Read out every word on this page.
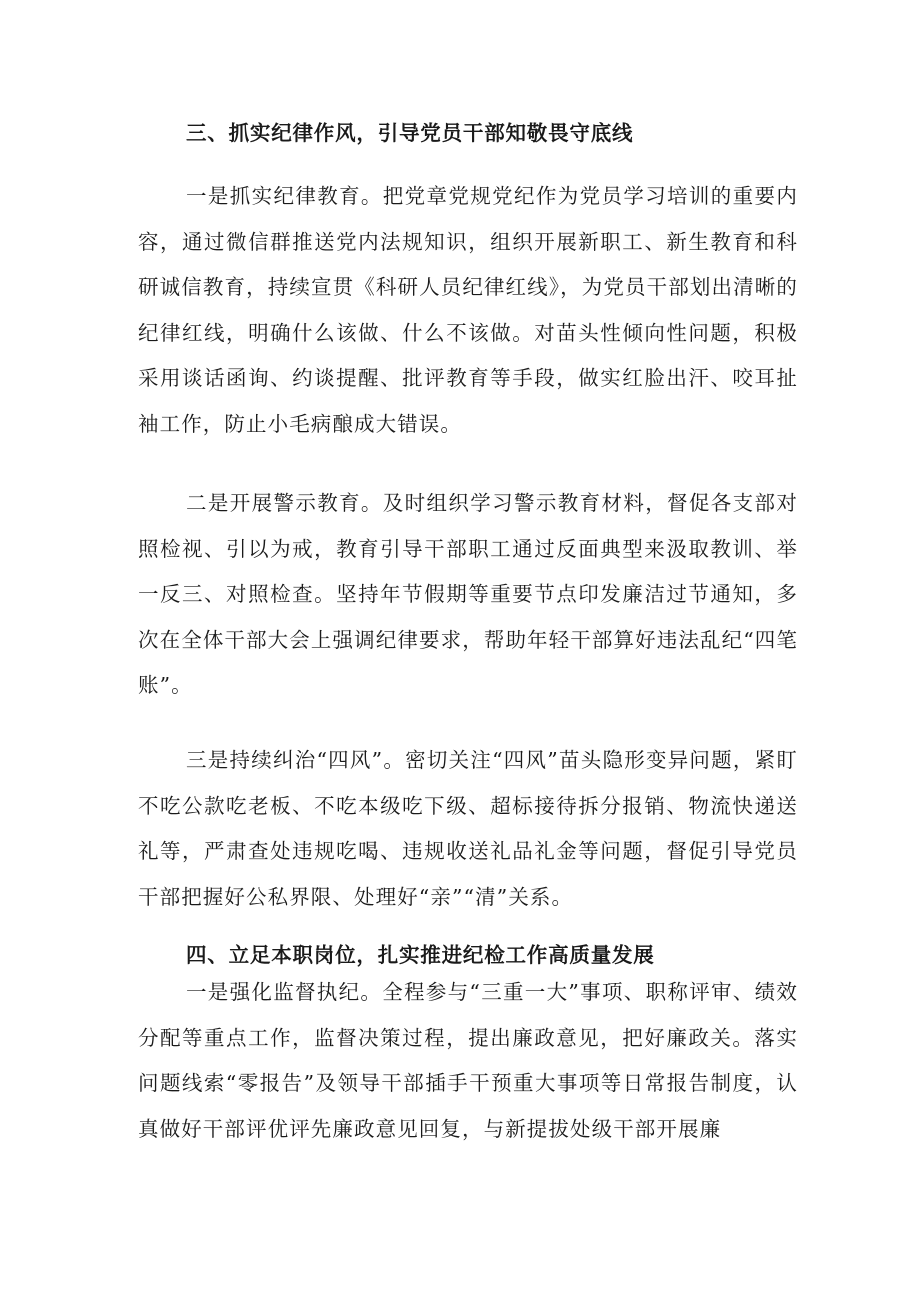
三、抓实纪律作风，引导党员干部知敬畏守底线

一是抓实纪律教育。把党章党规党纪作为党员学习培训的重要内容，通过微信群推送党内法规知识，组织开展新职工、新生教育和科研诚信教育，持续宣贯《科研人员纪律红线》，为党员干部划出清晰的纪律红线，明确什么该做、什么不该做。对苗头性倾向性问题，积极采用谈话函询、约谈提醒、批评教育等手段，做实红脸出汗、咬耳扯袖工作，防止小毛病酿成大错误。

二是开展警示教育。及时组织学习警示教育材料，督促各支部对照检视、引以为戒，教育引导干部职工通过反面典型来汲取教训、举一反三、对照检查。坚持年节假期等重要节点印发廉洁过节通知，多次在全体干部大会上强调纪律要求，帮助年轻干部算好违法乱纪“四笔账”。

三是持续纠治“四风”。密切关注“四风”苗头隐形变异问题，紧盯不吃公款吃老板、不吃本级吃下级、超标接待拆分报销、物流快递送礼等，严肃查处违规吃喝、违规收送礼品礼金等问题，督促引导党员干部把握好公私界限、处理好“亲”“清”关系。

四、立足本职岗位，扎实推进纪检工作高质量发展

一是强化监督执纪。全程参与“三重一大”事项、职称评审、绩效分配等重点工作，监督决策过程，提出廉政意见，把好廉政关。落实问题线索“零报告”及领导干部插手干预重大事项等日常报告制度，认真做好干部评优评先廉政意见回复，与新提拔处级干部开展廉
